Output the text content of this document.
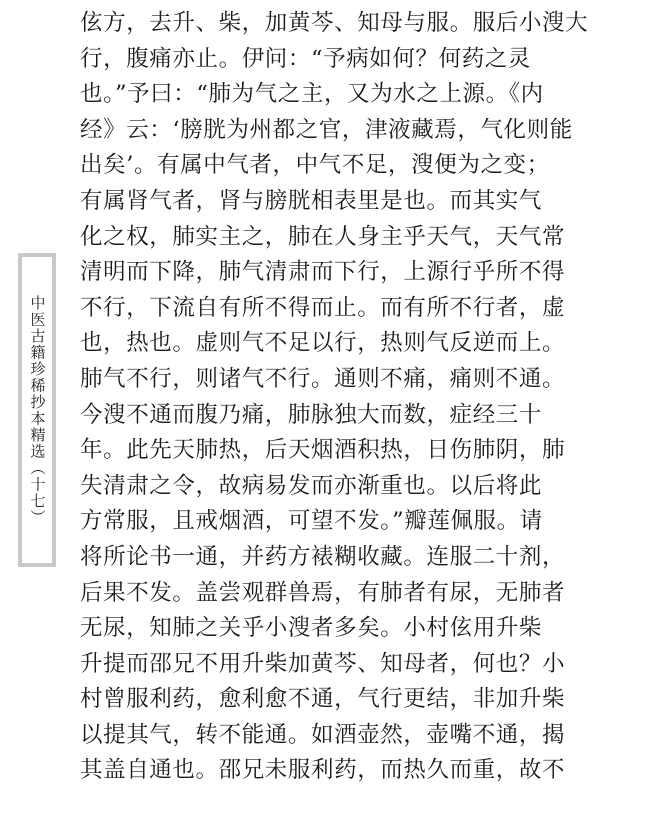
中医古籍珍稀抄本精选（十七）
伭方，去升、柴，加黄芩、知母与服。服后小溲大
行，腹痛亦止。伊问：“予病如何？何药之灵
也。”予曰：“肺为气之主，又为水之上源。《内
经》云：‘膀胱为州都之官，津液藏焉，气化则能
出矣’。有属中气者，中气不足，溲便为之变；
有属肾气者，肾与膀胱相表里是也。而其实气
化之权，肺实主之，肺在人身主乎天气，天气常
清明而下降，肺气清肃而下行，上源行乎所不得
不行，下流自有所不得而止。而有所不行者，虚
也，热也。虚则气不足以行，热则气反逆而上。
肺气不行，则诸气不行。通则不痛，痛则不通。
今溲不通而腹乃痛，肺脉独大而数，症经三十
年。此先天肺热，后天烟酒积热，日伤肺阴，肺
失清肃之令，故病易发而亦渐重也。以后将此
方常服，且戒烟酒，可望不发。”瓣莲佩服。请
将所论书一通，并药方裱糊收藏。连服二十剂，
后果不发。盖尝观群兽焉，有肺者有尿，无肺者
无尿，知肺之关乎小溲者多矣。小村伭用升柴
升提而邵兄不用升柴加黄芩、知母者，何也？小
村曾服利药，愈利愈不通，气行更结，非加升柴
以提其气，转不能通。如酒壶然，壶嘴不通，揭
其盖自通也。邵兄未服利药，而热久而重，故不
